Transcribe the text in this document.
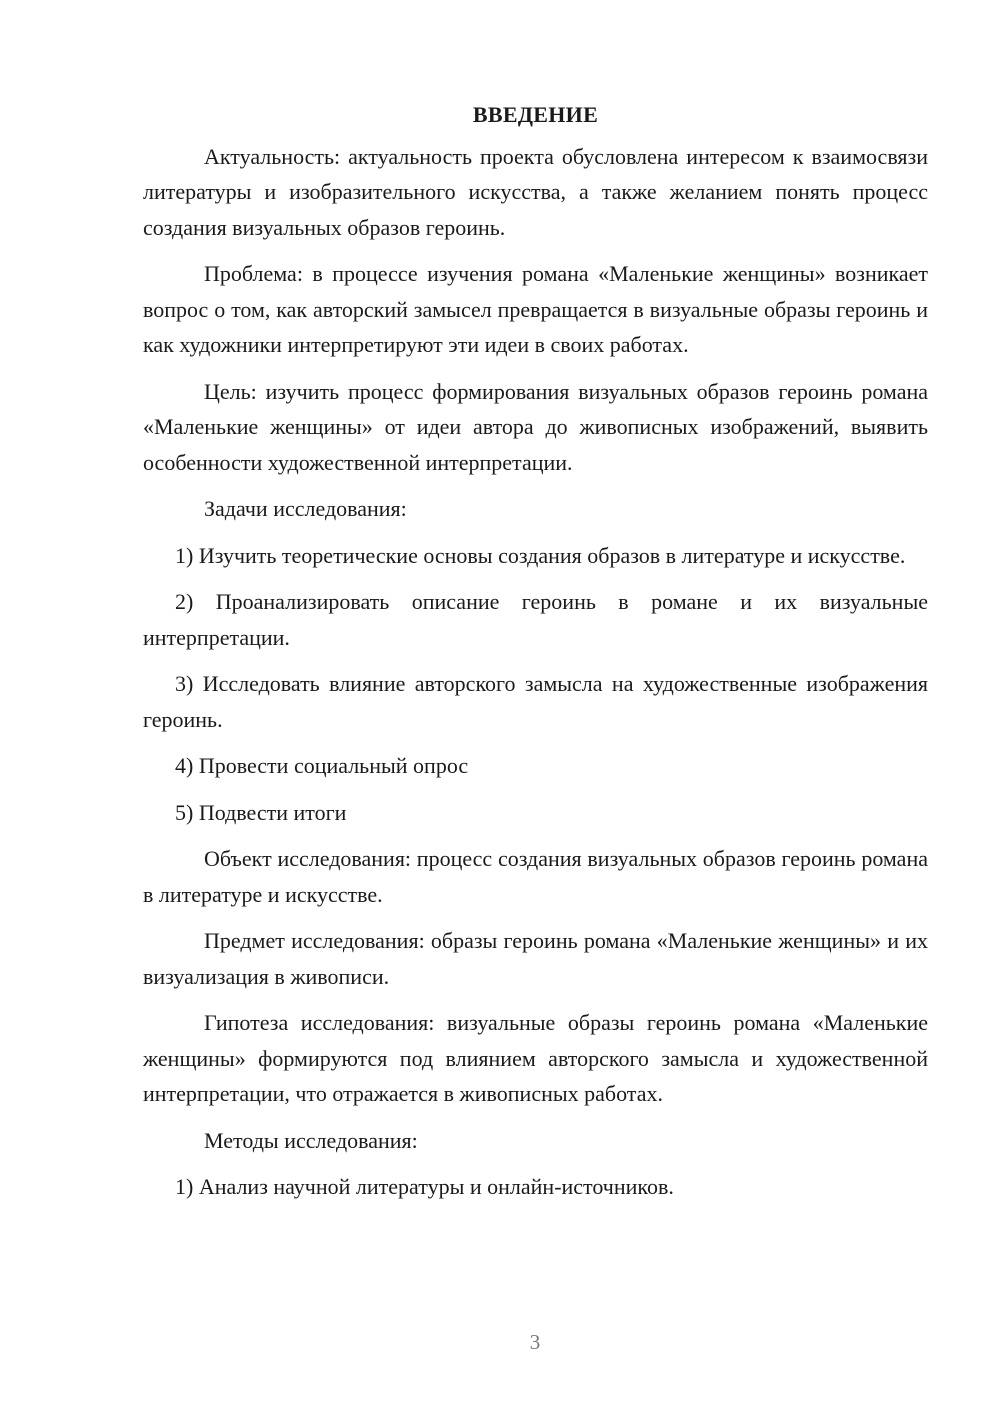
ВВЕДЕНИЕ

Актуальность: актуальность проекта обусловлена интересом к взаимосвязи литературы и изобразительного искусства, а также желанием понять процесс создания визуальных образов героинь.

Проблема: в процессе изучения романа «Маленькие женщины» возникает вопрос о том, как авторский замысел превращается в визуальные образы героинь и как художники интерпретируют эти идеи в своих работах.

Цель: изучить процесс формирования визуальных образов героинь романа «Маленькие женщины» от идеи автора до живописных изображений, выявить особенности художественной интерпретации.

Задачи исследования:

1) Изучить теоретические основы создания образов в литературе и искусстве.

2) Проанализировать описание героинь в романе и их визуальные интерпретации.

3) Исследовать влияние авторского замысла на художественные изображения героинь.

4) Провести социальный опрос

5) Подвести итоги

Объект исследования: процесс создания визуальных образов героинь романа в литературе и искусстве.

Предмет исследования: образы героинь романа «Маленькие женщины» и их визуализация в живописи.

Гипотеза исследования: визуальные образы героинь романа «Маленькие женщины» формируются под влиянием авторского замысла и художественной интерпретации, что отражается в живописных работах.

Методы исследования:

1) Анализ научной литературы и онлайн-источников.

3
